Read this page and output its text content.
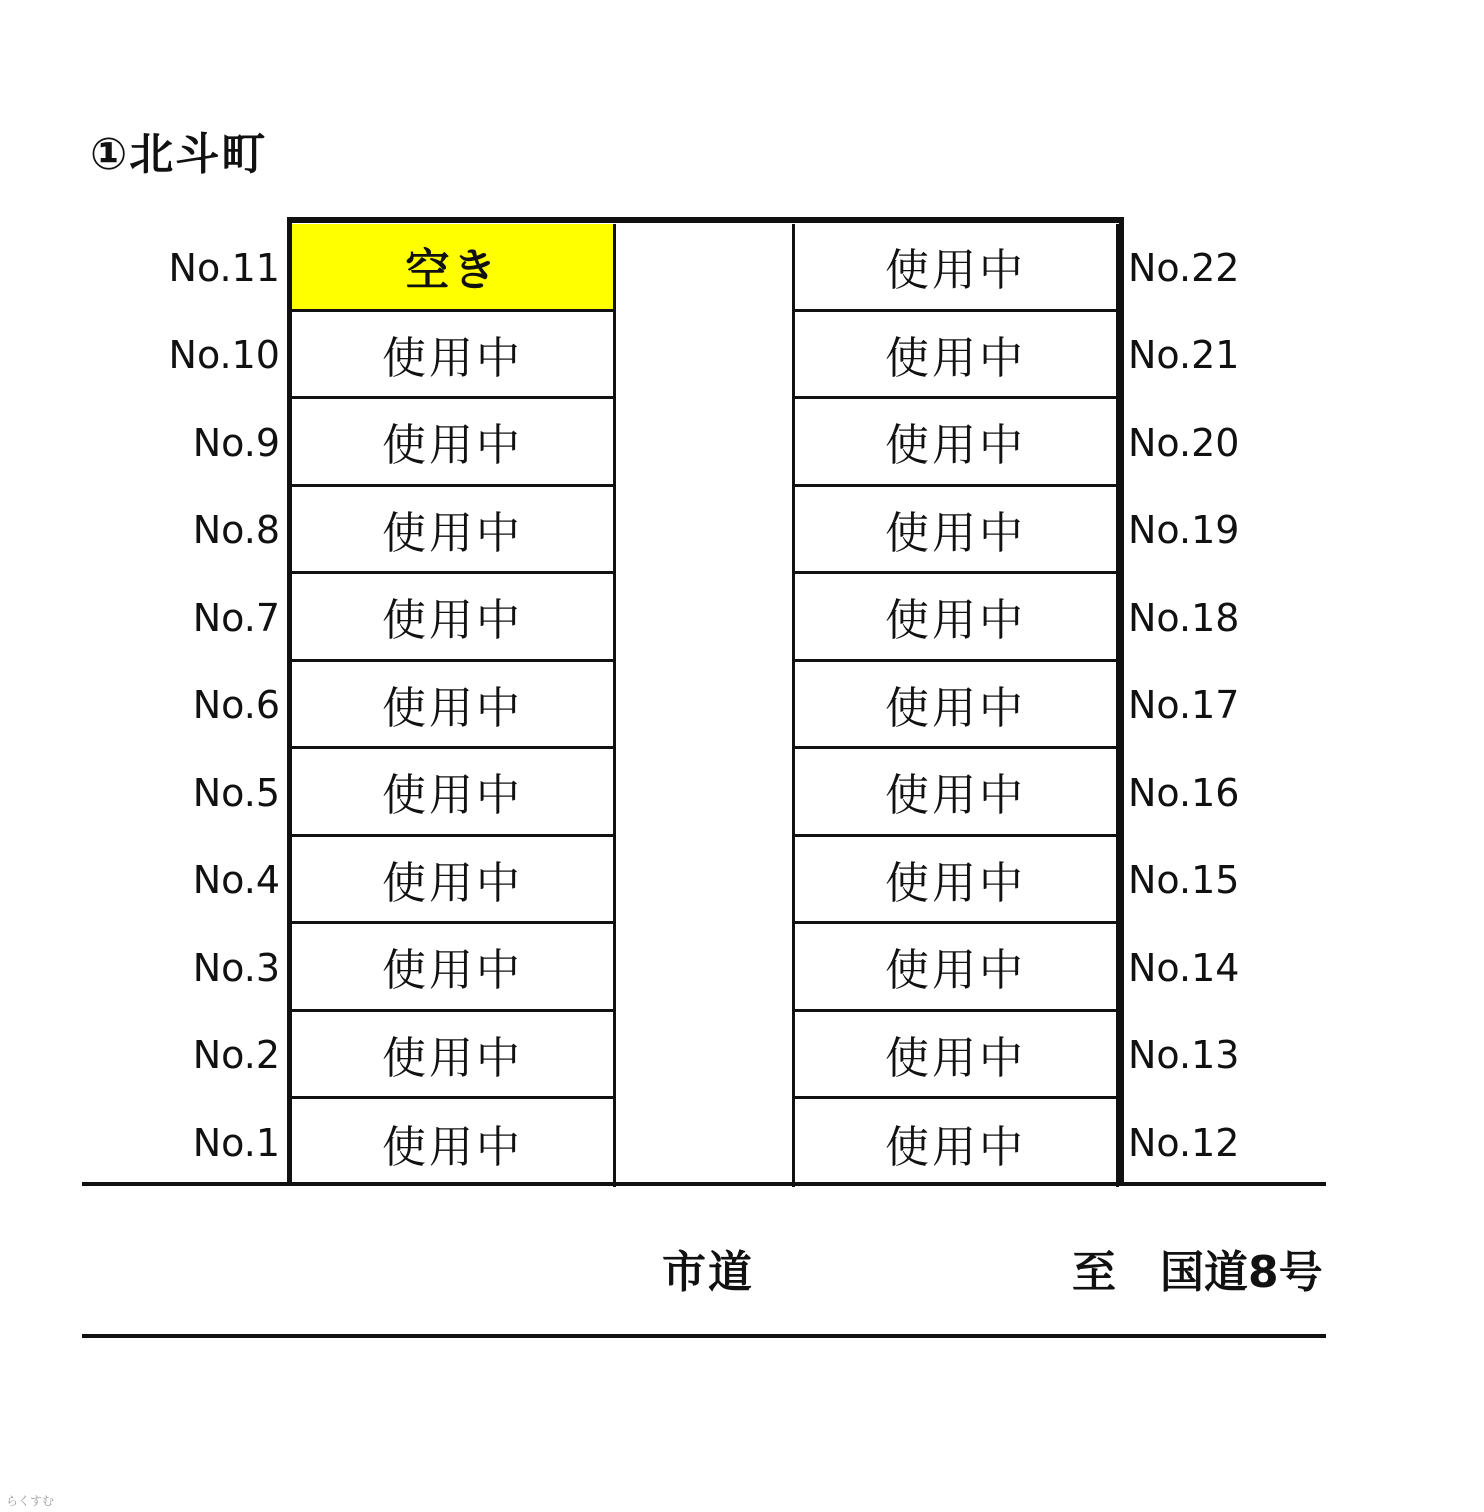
①北斗町
No.11
No.10
No.9
No.8
No.7
No.6
No.5
No.4
No.3
No.2
No.1
空き
使用中
使用中
使用中
使用中
使用中
使用中
使用中
使用中
使用中
使用中
使用中
使用中
使用中
使用中
使用中
使用中
使用中
使用中
使用中
使用中
使用中
No.22
No.21
No.20
No.19
No.18
No.17
No.16
No.15
No.14
No.13
No.12
市道	至　国道8号
らくすむ
